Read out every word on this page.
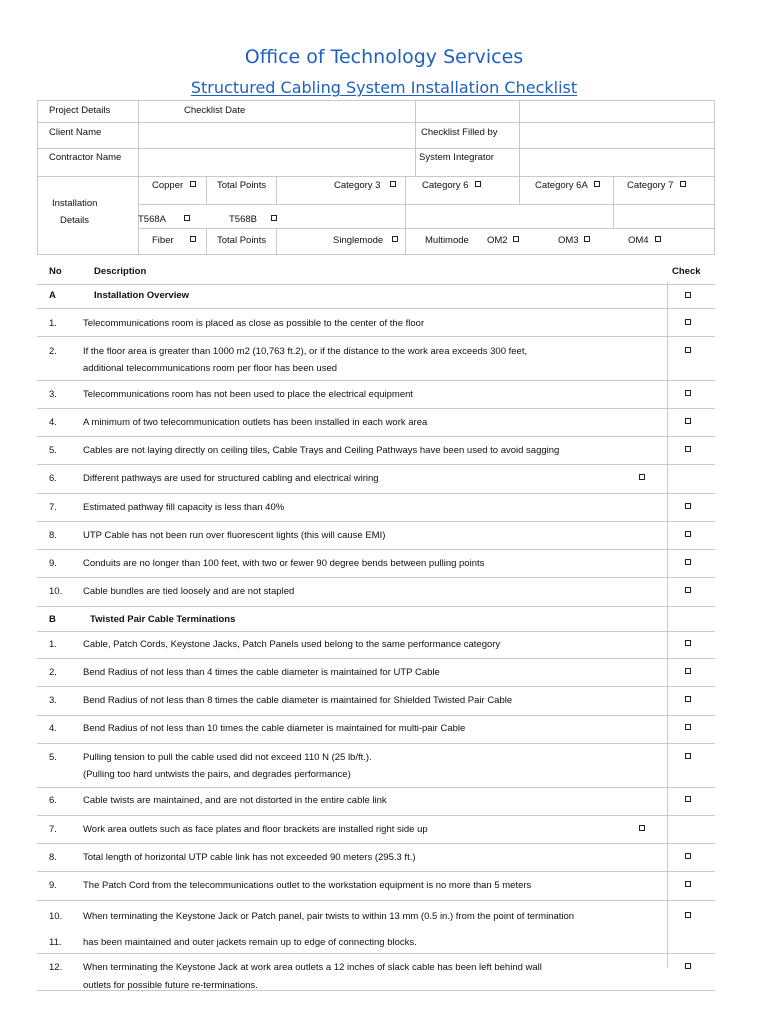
Office of Technology Services
Structured Cabling System Installation Checklist
Project Details	Checklist Date
Client Name	Checklist Filled by
Contractor Name	System Integrator
Installation
Details
Copper	Total Points	Category 3	Category 6	Category 6A	Category 7
T568A	T568B
Fiber	Total Points	Singlemode	Multimode OM2	OM3	OM4
No	Description	Check
A	Installation Overview
1.	Telecommunications room is placed as close as possible to the center of the floor
2.	If the floor area is greater than 1000 m2 (10,763 ft.2), or if the distance to the work area exceeds 300 feet,
additional telecommunications room per floor has been used
3.	Telecommunications room has not been used to place the electrical equipment
4.	A minimum of two telecommunication outlets has been installed in each work area
5.	Cables are not laying directly on ceiling tiles, Cable Trays and Ceiling Pathways have been used to avoid sagging
6.	Different pathways are used for structured cabling and electrical wiring
7.	Estimated pathway fill capacity is less than 40%
8.	UTP Cable has not been run over fluorescent lights (this will cause EMI)
9.	Conduits are no longer than 100 feet, with two or fewer 90 degree bends between pulling points
10. Cable bundles are tied loosely and are not stapled
B	Twisted Pair Cable Terminations
1.	Cable, Patch Cords, Keystone Jacks, Patch Panels used belong to the same performance category
2.	Bend Radius of not less than 4 times the cable diameter is maintained for UTP Cable
3.	Bend Radius of not less than 8 times the cable diameter is maintained for Shielded Twisted Pair Cable
4.	Bend Radius of not less than 10 times the cable diameter is maintained for multi-pair Cable
5.	Pulling tension to pull the cable used did not exceed 110 N (25 lb/ft.).
(Pulling too hard untwists the pairs, and degrades performance)
6.	Cable twists are maintained, and are not distorted in the entire cable link
7.	Work area outlets such as face plates and floor brackets are installed right side up
8.	Total length of horizontal UTP cable link has not exceeded 90 meters (295.3 ft.)
9.	The Patch Cord from the telecommunications outlet to the workstation equipment is no more than 5 meters
10. When terminating the Keystone Jack or Patch panel, pair twists to within 13 mm (0.5 in.) from the point of termination
11. has been maintained and outer jackets remain up to edge of connecting blocks.
12. When terminating the Keystone Jack at work area outlets a 12 inches of slack cable has been left behind wall
outlets for possible future re-terminations.
